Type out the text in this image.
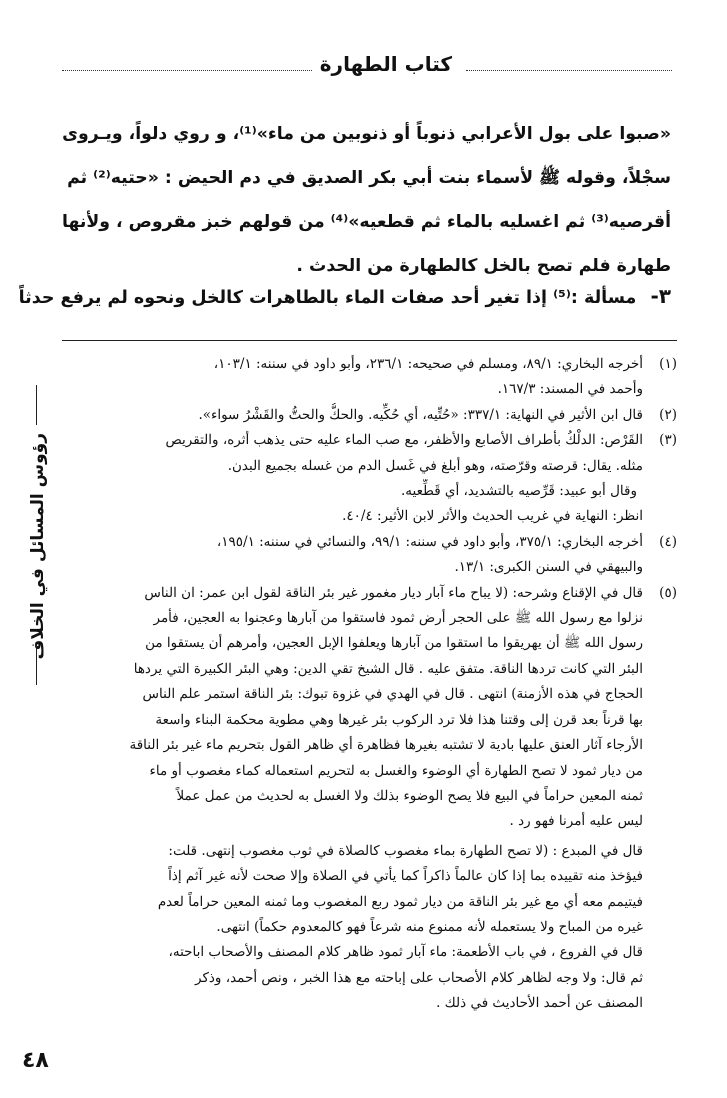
كتاب الطهارة

«صبوا على بول الأعرابي ذنوباً أو ذنوبين من ماء»⁽¹⁾، و روي دلواً، ويـروى

سجْلاً، وقوله ﷺ لأسماء بنت أبي بكر الصديق في دم الحيض : «حتيه⁽²⁾ ثم

أقرصيه⁽³⁾ ثم اغسليه بالماء ثم قطعيه»⁽⁴⁾ من قولهم خبز مقروص ، ولأنها

طهارة فلم تصح بالخل كالطهارة من الحدث .

٣- مسألة :⁽⁵⁾ إذا تغير أحد صفات الماء بالطاهرات كالخل ونحوه لم يرفع حدثاً
(١)
أخرجه البخاري: ٨٩/١، ومسلم في صحيحه: ٢٣٦/١، وأبو داود في سننه: ١٠٣/١،
وأحمد في المسند: ١٦٧/٣.
(٢)
قال ابن الأثير في النهاية: ٣٣٧/١: «حُتِّيه، أي حُكِّيه. والحكُّ والحتُّ والقَشْرُ سواء».
(٣)
القَرْص: الدلْكُ بأطراف الأصابع والأظفر، مع صب الماء عليه حتى يذهب أثره، والتقريص
مثله. يقال: قرصته وقرّصته، وهو أبلغ في غَسل الدم من غسله بجميع البدن.
وقال أبو عبيد: قَرِّصيه بالتشديد، أي قَطِّعيه.
انظر: النهاية في غريب الحديث والأثر لابن الأثير: ٤٠/٤.
(٤)
أخرجه البخاري: ٣٧٥/١، وأبو داود في سننه: ٩٩/١، والنسائي في سننه: ١٩٥/١،
والبيهقي في السنن الكبرى: ١٣/١.
(٥)
قال في الإقناع وشرحه: (لا يباح ماء آبار ديار مغمور غير بئر الناقة لقول ابن عمر: ان الناس
نزلوا مع رسول الله ﷺ على الحجر أرض ثمود فاستقوا من آبارها وعجنوا به العجين، فأمر
رسول الله ﷺ أن يهريقوا ما استقوا من آبارها ويعلفوا الإبل العجين، وأمرهم أن يستقوا من
البئر التي كانت تردها الناقة. متفق عليه . قال الشيخ تقي الدين: وهي البئر الكبيرة التي يردها
الحجاج في هذه الأزمنة) انتهى . قال في الهدي في غزوة تبوك: بئر الناقة استمر علم الناس
بها قرناً بعد قرن إلى وقتنا هذا فلا ترد الركوب بئر غيرها وهي مطوية محكمة البناء واسعة
الأرجاء آثار العنق عليها بادية لا تشتبه بغيرها فظاهرة أي ظاهر القول بتحريم ماء غير بئر الناقة
من ديار ثمود لا تصح الطهارة أي الوضوء والغسل به لتحريم استعماله كماء مغصوب أو ماء
ثمنه المعين حراماً في البيع فلا يصح الوضوء بذلك ولا الغسل به لحديث من عمل عملاً
ليس عليه أمرنا فهو رد .
قال في المبدع : (لا تصح الطهارة بماء مغصوب كالصلاة في ثوب مغصوب إنتهى. قلت:
فيؤخذ منه تقييده بما إذا كان عالماً ذاكراً كما يأتي في الصلاة وإلا صحت لأنه غير آثم إذاً
فيتيمم معه أي مع غير بئر الناقة من ديار ثمود ربع المغصوب وما ثمنه المعين حراماً لعدم
غيره من المباح ولا يستعمله لأنه ممنوع منه شرعاً فهو كالمعدوم حكماً) انتهى.
قال في الفروع ، في باب الأطعمة: ماء آبار ثمود ظاهر كلام المصنف والأصحاب اباحته،
ثم قال: ولا وجه لظاهر كلام الأصحاب على إباحته مع هذا الخبر ، ونص أحمد، وذكر
المصنف عن أحمد الأحاديث في ذلك .
رؤوس المسائل في الخلاف
٤٨
